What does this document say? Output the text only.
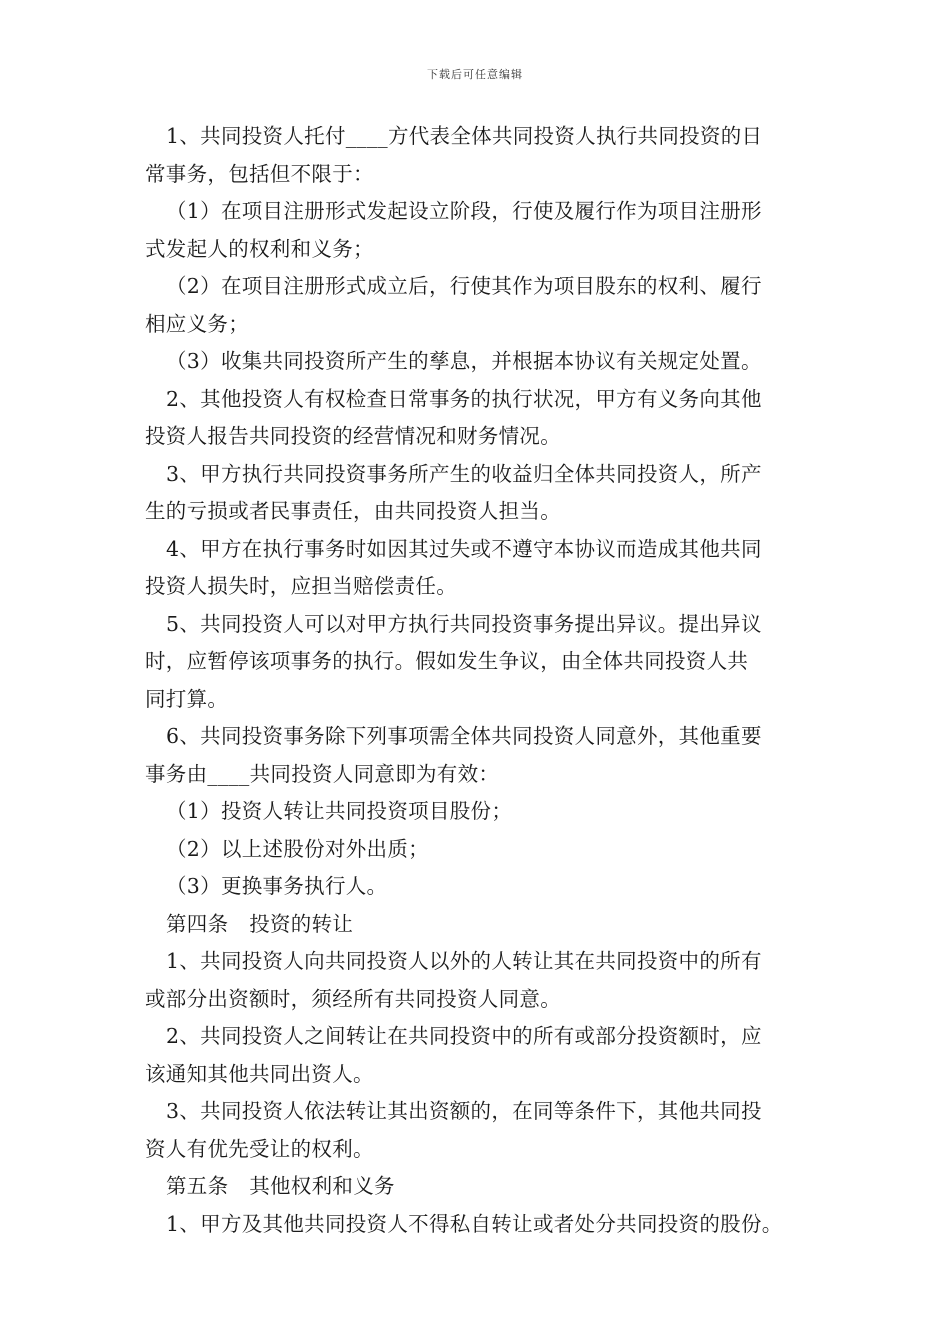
下载后可任意编辑

1、共同投资人托付____方代表全体共同投资人执行共同投资的日
常事务，包括但不限于：
（1）在项目注册形式发起设立阶段，行使及履行作为项目注册形
式发起人的权利和义务；
（2）在项目注册形式成立后，行使其作为项目股东的权利、履行
相应义务；
（3）收集共同投资所产生的孳息，并根据本协议有关规定处置。
2、其他投资人有权检查日常事务的执行状况，甲方有义务向其他
投资人报告共同投资的经营情况和财务情况。
3、甲方执行共同投资事务所产生的收益归全体共同投资人，所产
生的亏损或者民事责任，由共同投资人担当。
4、甲方在执行事务时如因其过失或不遵守本协议而造成其他共同
投资人损失时，应担当赔偿责任。
5、共同投资人可以对甲方执行共同投资事务提出异议。提出异议
时，应暂停该项事务的执行。假如发生争议，由全体共同投资人共
同打算。
6、共同投资事务除下列事项需全体共同投资人同意外，其他重要
事务由____共同投资人同意即为有效：
（1）投资人转让共同投资项目股份；
（2）以上述股份对外出质；
（3）更换事务执行人。
第四条　投资的转让
1、共同投资人向共同投资人以外的人转让其在共同投资中的所有
或部分出资额时，须经所有共同投资人同意。
2、共同投资人之间转让在共同投资中的所有或部分投资额时，应
该通知其他共同出资人。
3、共同投资人依法转让其出资额的，在同等条件下，其他共同投
资人有优先受让的权利。
第五条　其他权利和义务
1、甲方及其他共同投资人不得私自转让或者处分共同投资的股份。
